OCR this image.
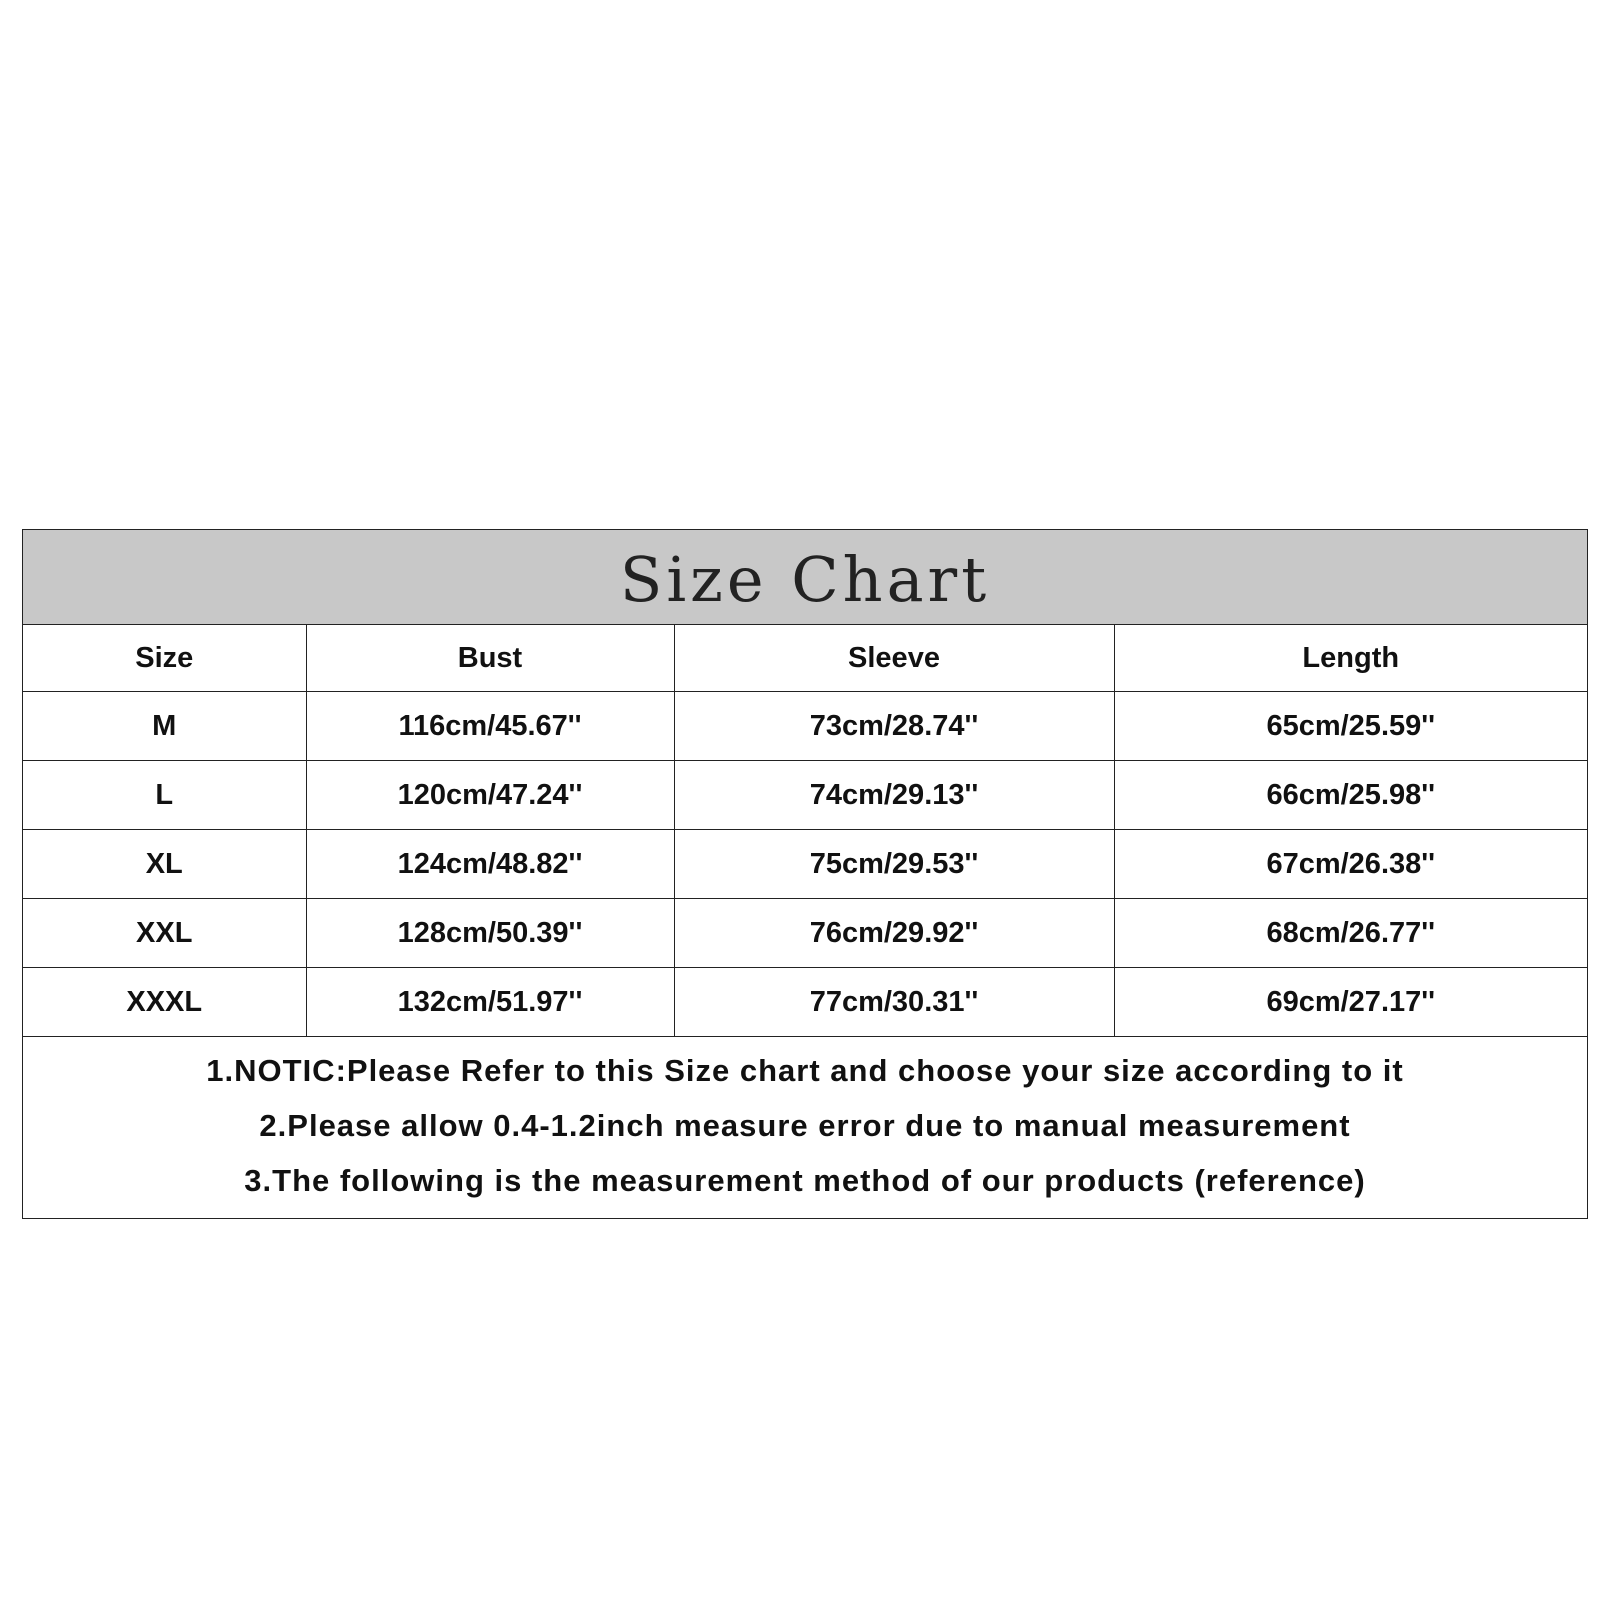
Size Chart
Size	Bust	Sleeve	Length
M	116cm/45.67''	73cm/28.74''	65cm/25.59''
L	120cm/47.24''	74cm/29.13''	66cm/25.98''
XL	124cm/48.82''	75cm/29.53''	67cm/26.38''
XXL	128cm/50.39''	76cm/29.92''	68cm/26.77''
XXXL	132cm/51.97''	77cm/30.31''	69cm/27.17''
1.NOTIC:Please Refer to this Size chart and choose your size according to it
2.Please allow 0.4-1.2inch measure error due to manual measurement
3.The following is the measurement method of our products (reference)
